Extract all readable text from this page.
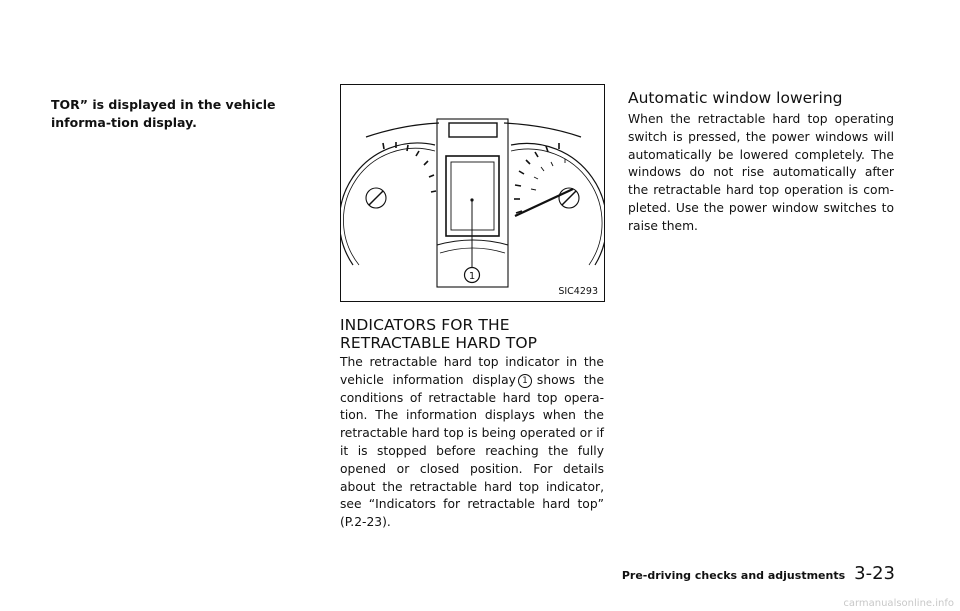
TOR” is displayed in the vehicle informa-tion display.
1
SIC4293
INDICATORS FOR THE RETRACTABLE HARD TOP

The retractable hard top indicator in the vehicle information display 1 shows the conditions of retractable hard top opera-tion. The information displays when the retractable hard top is being operated or if it is stopped before reaching the fully opened or closed position. For details about the retractable hard top indicator, see “Indicators for retractable hard top” (P.2-23).

Automatic window lowering

When the retractable hard top operating switch is pressed, the power windows will automatically be lowered completely. The windows do not rise automatically after the retractable hard top operation is com-pleted. Use the power window switches to raise them.

Pre-driving checks and adjustments 3-23
carmanualsonline.info
